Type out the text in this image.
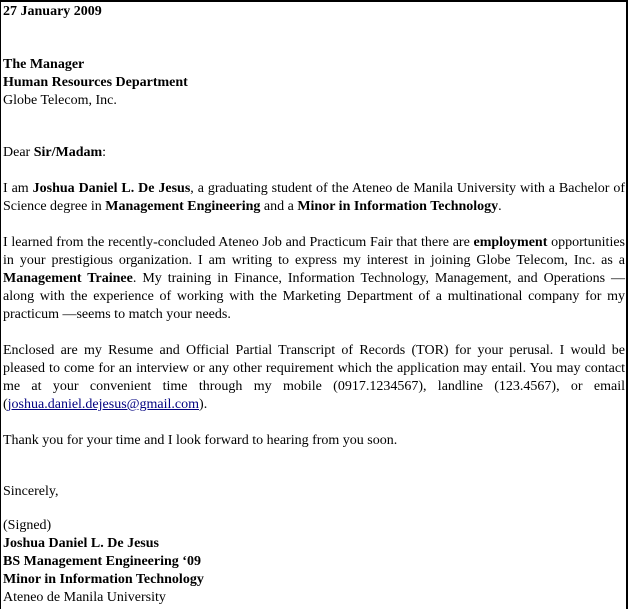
27 January 2009
The Manager
Human Resources Department
Globe Telecom, Inc.
Dear Sir/Madam:

I am Joshua Daniel L. De Jesus, a graduating student of the Ateneo de Manila University with a Bachelor of Science degree in Management Engineering and a Minor in Information Technology.

I learned from the recently-concluded Ateneo Job and Practicum Fair that there are employment opportunities in your prestigious organization. I am writing to express my interest in joining Globe Telecom, Inc. as a Management Trainee. My training in Finance, Information Technology, Management, and Operations —along with the experience of working with the Marketing Department of a multinational company for my practicum —seems to match your needs.

Enclosed are my Resume and Official Partial Transcript of Records (TOR) for your perusal. I would be pleased to come for an interview or any other requirement which the application may entail. You may contact me at your convenient time through my mobile (0917.1234567), landline (123.4567), or email (joshua.daniel.dejesus@gmail.com).

Thank you for your time and I look forward to hearing from you soon.

Sincerely,
(Signed)
Joshua Daniel L. De Jesus
BS Management Engineering ‘09
Minor in Information Technology
Ateneo de Manila University
